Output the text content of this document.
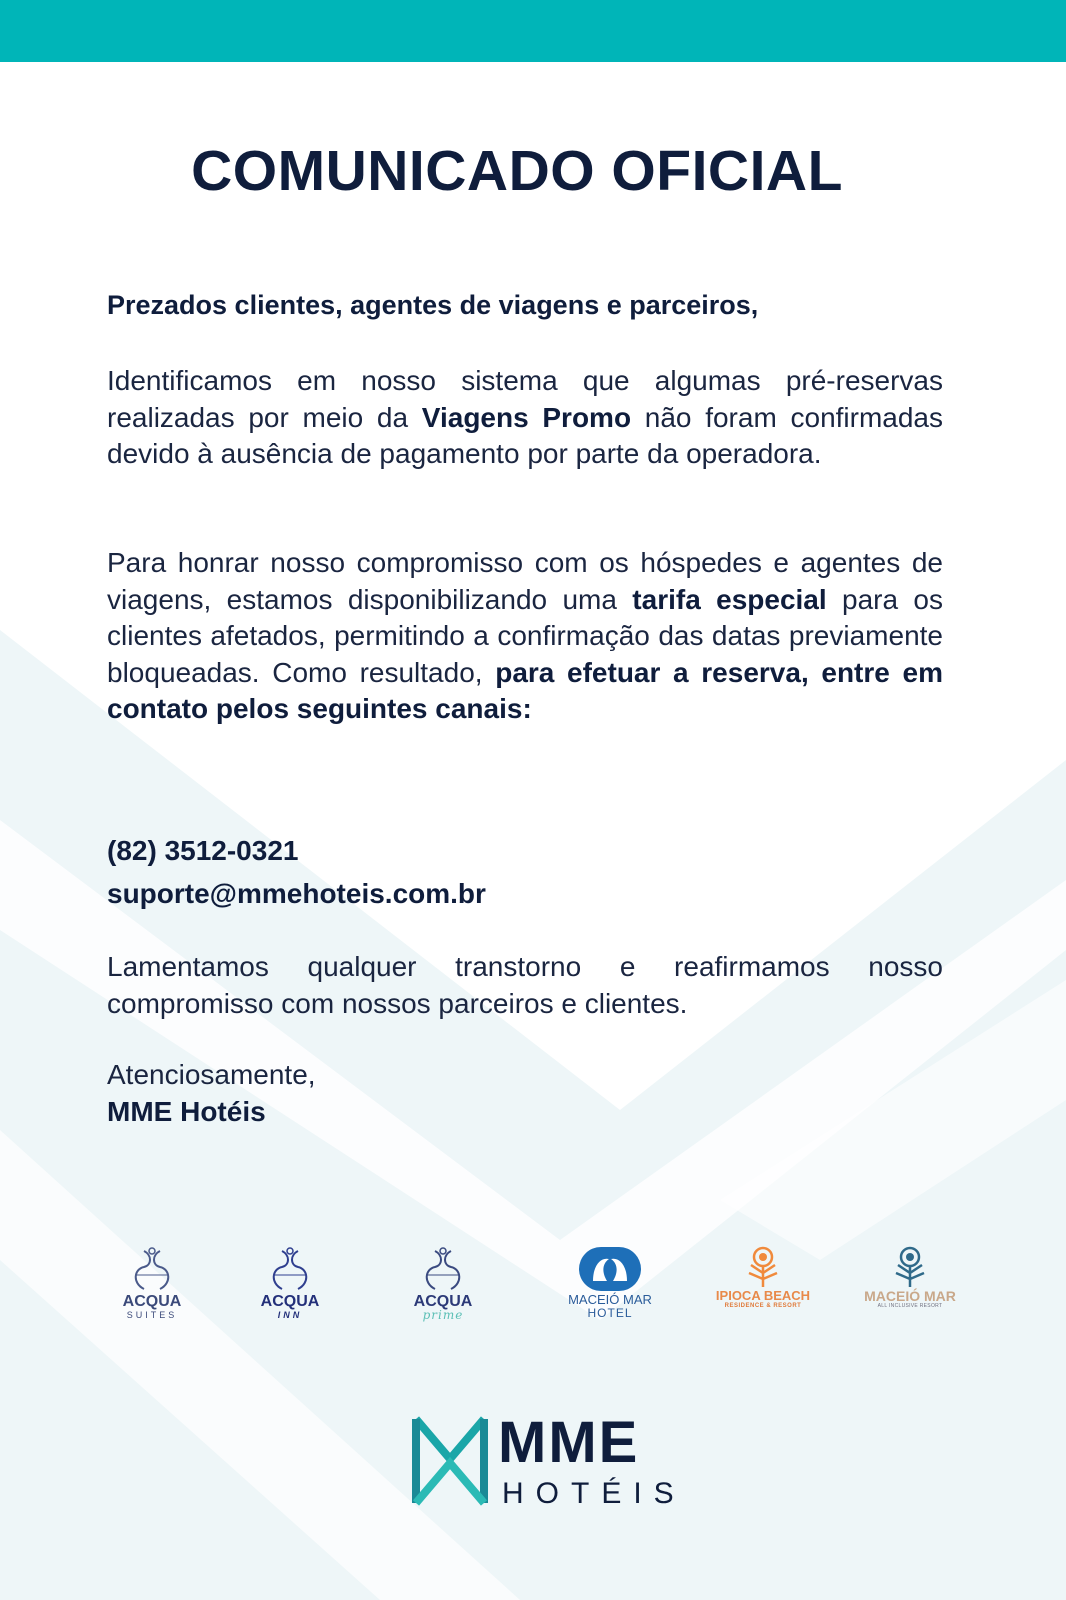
COMUNICADO OFICIAL
Prezados clientes, agentes de viagens e parceiros,
Identificamos em nosso sistema que algumas pré-reservas realizadas por meio da Viagens Promo não foram confirmadas devido à ausência de pagamento por parte da operadora.
Para honrar nosso compromisso com os hóspedes e agentes de viagens, estamos disponibilizando uma tarifa especial para os clientes afetados, permitindo a confirmação das datas previamente bloqueadas. Como resultado, para efetuar a reserva, entre em contato pelos seguintes canais:
(82) 3512-0321
suporte@mmehoteis.com.br
Lamentamos qualquer transtorno e reafirmamos nosso compromisso com nossos parceiros e clientes.
Atenciosamente,
MME Hotéis
ACQUA
SUITES
ACQUA
INN
ACQUA
prime
MACEIÓ MAR
HOTEL
IPIOCA BEACH
RESIDENCE & RESORT
MACEIÓ MAR
ALL INCLUSIVE RESORT
MME
HOTÉIS
